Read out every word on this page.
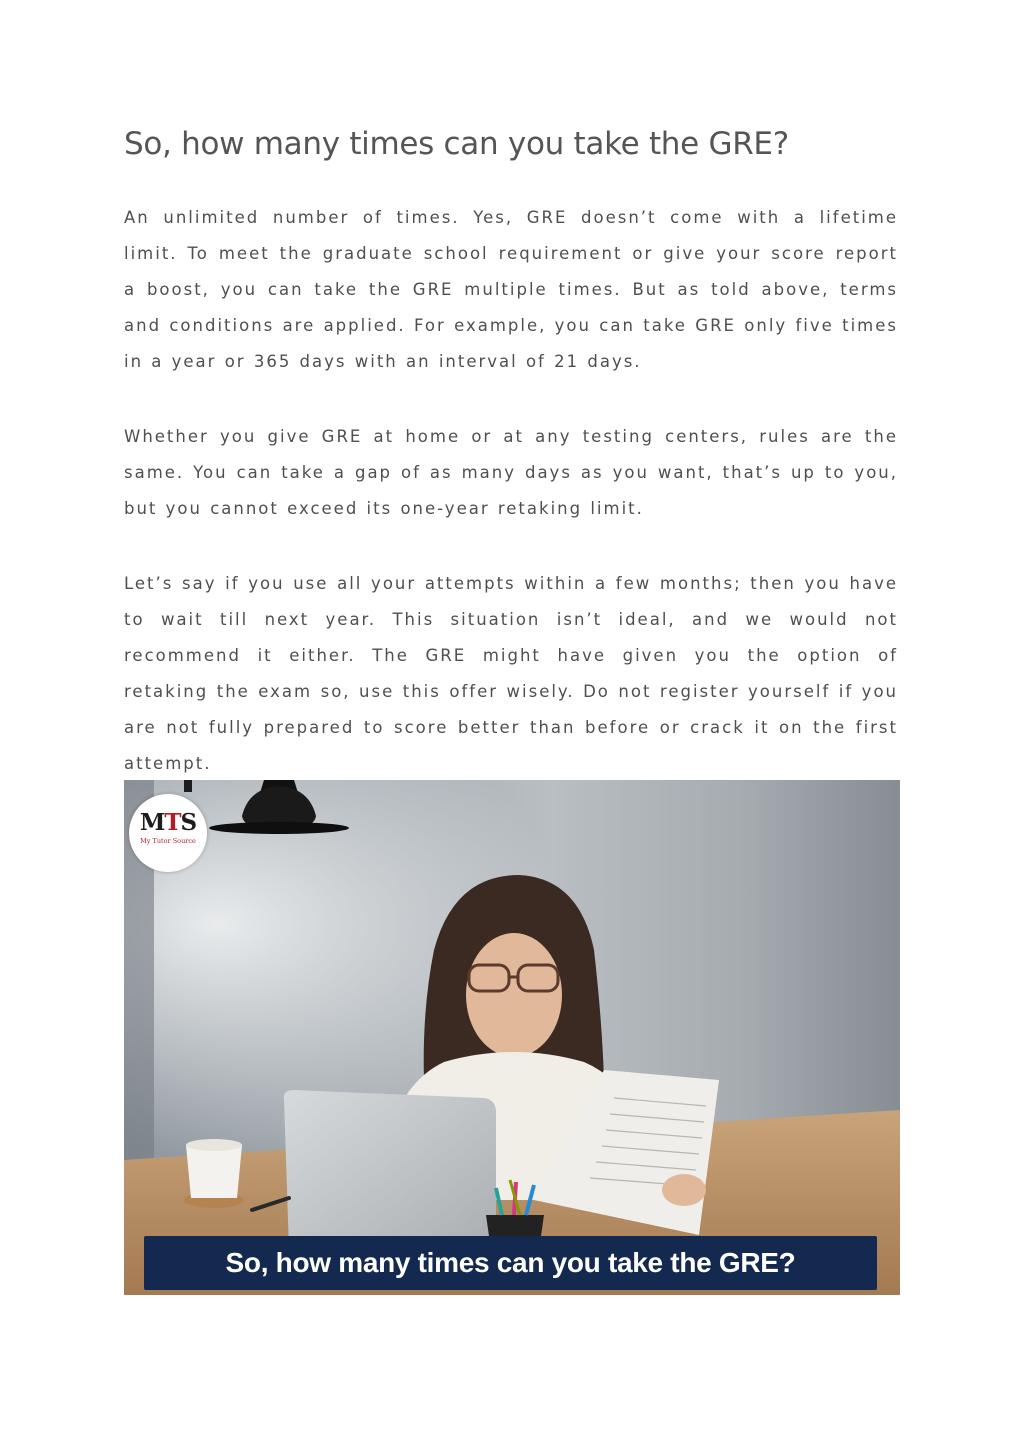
So, how many times can you take the GRE?

An unlimited number of times. Yes, GRE doesn’t come with a lifetime limit. To meet the graduate school requirement or give your score report a boost, you can take the GRE multiple times. But as told above, terms and conditions are applied. For example, you can take GRE only five times in a year or 365 days with an interval of 21 days.

Whether you give GRE at home or at any testing centers, rules are the same. You can take a gap of as many days as you want, that’s up to you, but you cannot exceed its one-year retaking limit.

Let’s say if you use all your attempts within a few months; then you have to wait till next year. This situation isn’t ideal, and we would not recommend it either. The GRE might have given you the option of retaking the exam so, use this offer wisely. Do not register yourself if you are not fully prepared to score better than before or crack it on the first attempt.

MTS
My Tutor Source
So, how many times can you take the GRE?
